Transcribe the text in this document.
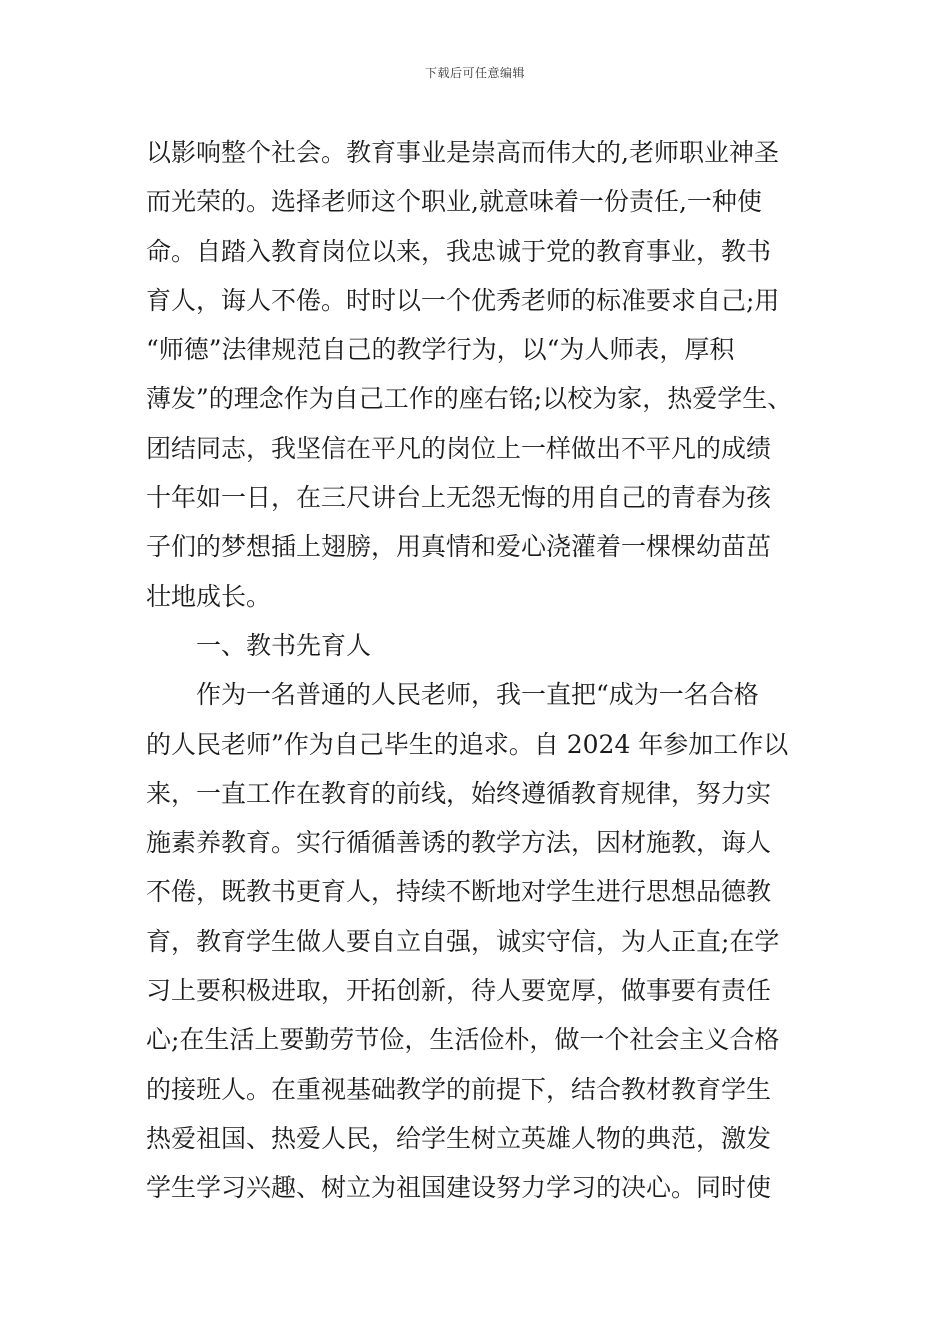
下载后可任意编辑
以影响整个社会。教育事业是崇高而伟大的,老师职业神圣
而光荣的。选择老师这个职业,就意味着一份责任,一种使
命。自踏入教育岗位以来，我忠诚于党的教育事业，教书
育人，诲人不倦。时时以一个优秀老师的标准要求自己;用
“师德”法律规范自己的教学行为，以“为人师表，厚积
薄发”的理念作为自己工作的座右铭;以校为家，热爱学生、
团结同志，我坚信在平凡的岗位上一样做出不平凡的成绩
十年如一日，在三尺讲台上无怨无悔的用自己的青春为孩
子们的梦想插上翅膀，用真情和爱心浇灌着一棵棵幼苗茁
壮地成长。
一、教书先育人
作为一名普通的人民老师，我一直把“成为一名合格
的人民老师”作为自己毕生的追求。自 2024 年参加工作以
来，一直工作在教育的前线，始终遵循教育规律，努力实
施素养教育。实行循循善诱的教学方法，因材施教，诲人
不倦，既教书更育人，持续不断地对学生进行思想品德教
育，教育学生做人要自立自强，诚实守信，为人正直;在学
习上要积极进取，开拓创新，待人要宽厚，做事要有责任
心;在生活上要勤劳节俭，生活俭朴，做一个社会主义合格
的接班人。在重视基础教学的前提下，结合教材教育学生
热爱祖国、热爱人民，给学生树立英雄人物的典范，激发
学生学习兴趣、树立为祖国建设努力学习的决心。同时使
